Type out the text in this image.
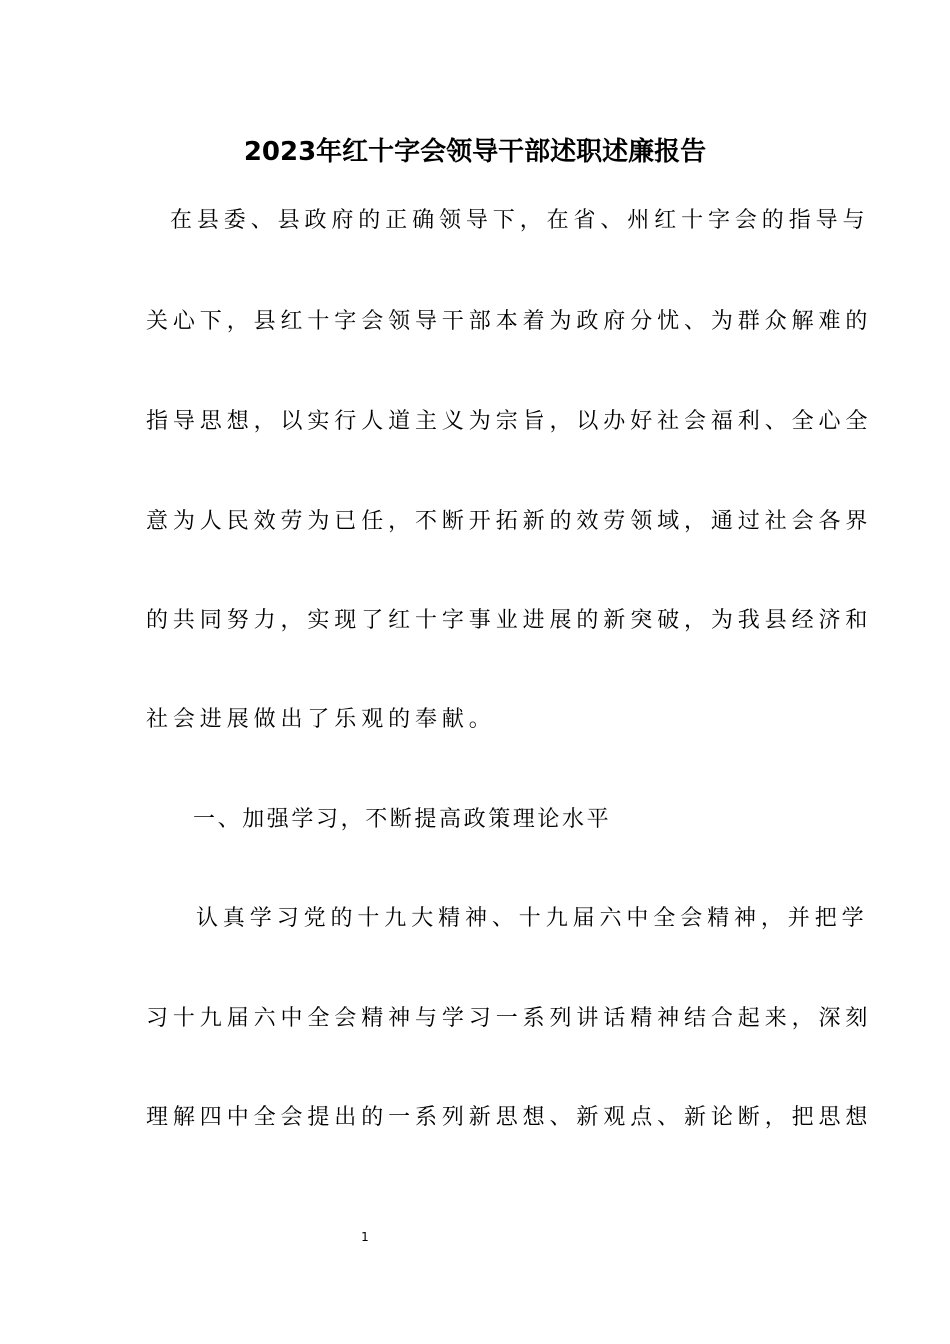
2023年红十字会领导干部述职述廉报告
在县委、县政府的正确领导下，在省、州红十字会的指导与
关心下，县红十字会领导干部本着为政府分忧、为群众解难的
指导思想，以实行人道主义为宗旨，以办好社会福利、全心全
意为人民效劳为已任，不断开拓新的效劳领域，通过社会各界
的共同努力，实现了红十字事业进展的新突破，为我县经济和
社会进展做出了乐观的奉献。
一、加强学习，不断提高政策理论水平
认真学习党的十九大精神、十九届六中全会精神，并把学
习十九届六中全会精神与学习一系列讲话精神结合起来，深刻
理解四中全会提出的一系列新思想、新观点、新论断，把思想
1
